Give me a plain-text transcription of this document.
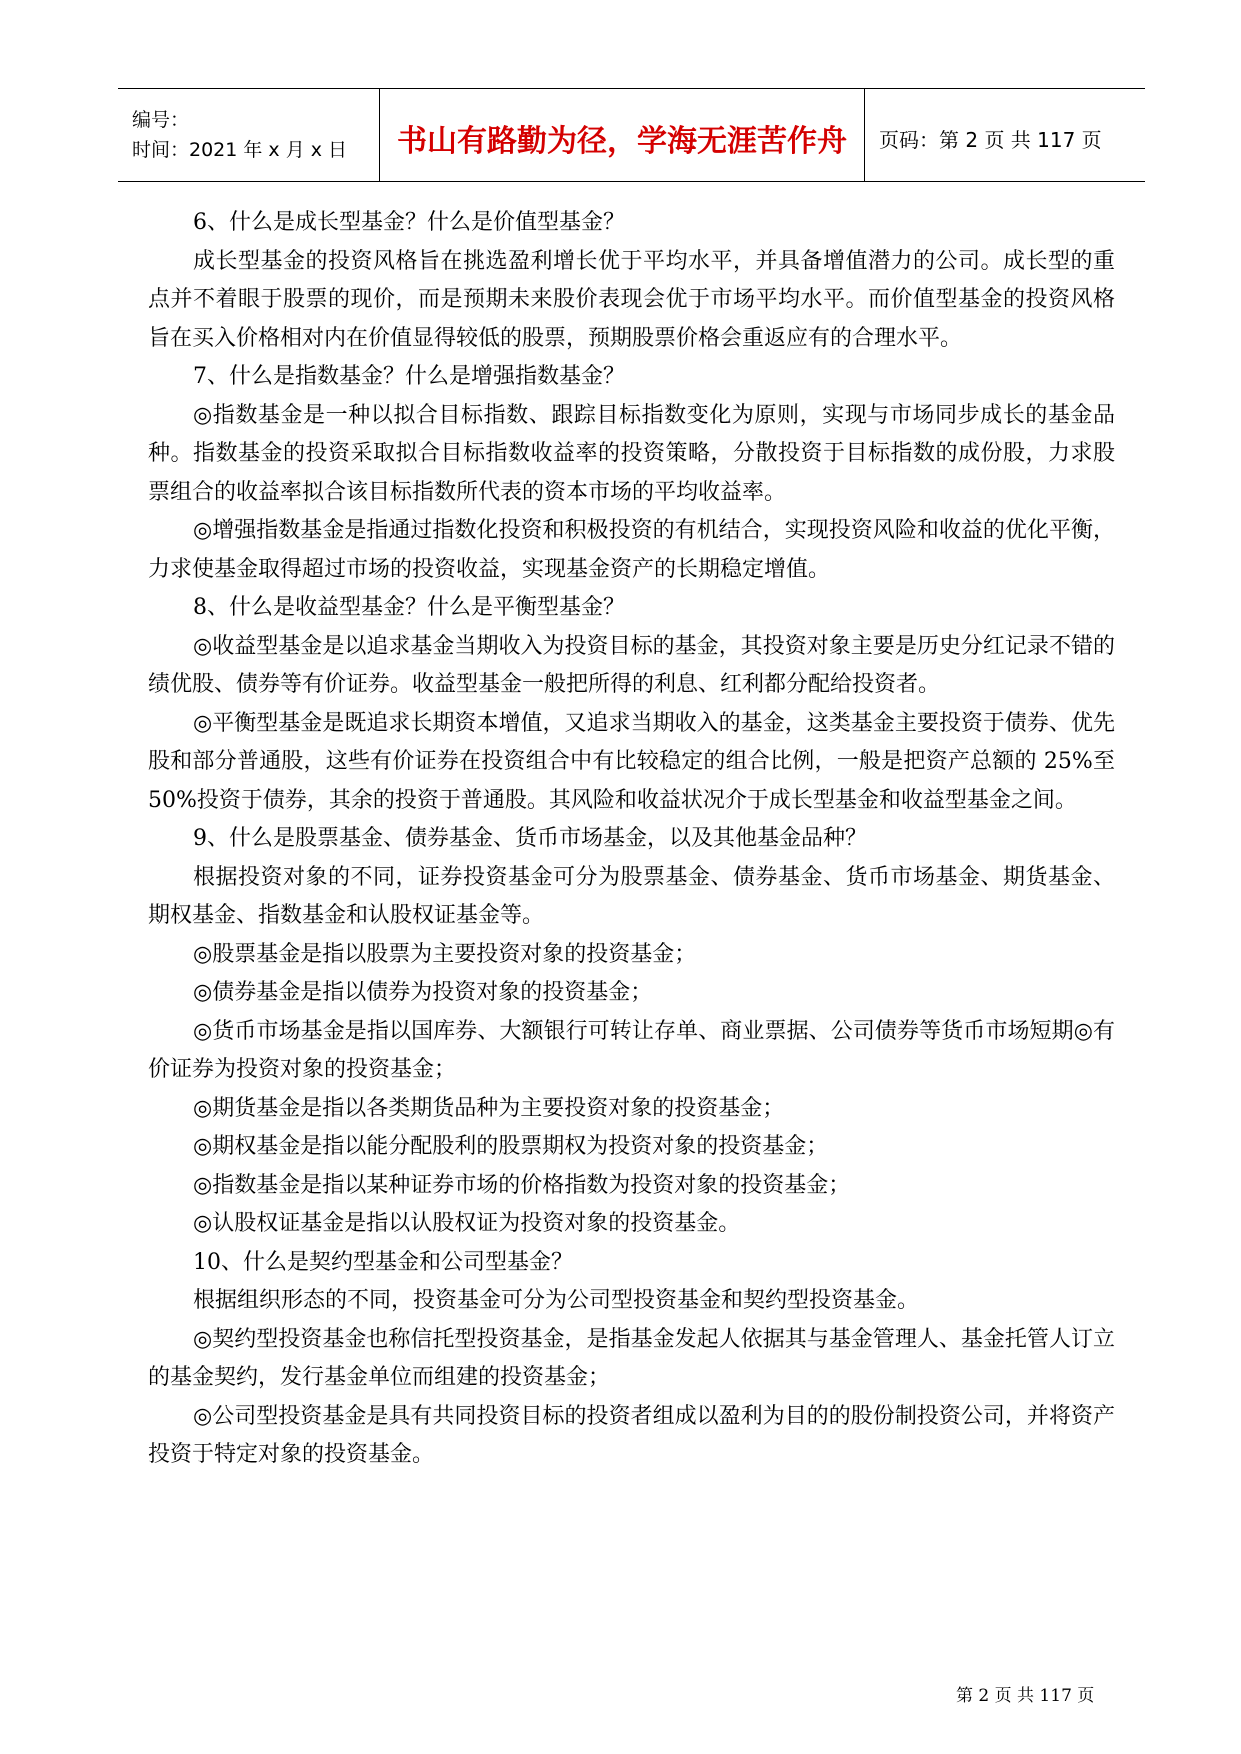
编号：
时间：2021 年 x 月 x 日	书山有路勤为径，学海无涯苦作舟 页码：第 2 页 共 117 页

6、什么是成长型基金？什么是价值型基金？

成长型基金的投资风格旨在挑选盈利增长优于平均水平，并具备增值潜力的公司。成长型的重点并不着眼于股票的现价，而是预期未来股价表现会优于市场平均水平。而价值型基金的投资风格旨在买入价格相对内在价值显得较低的股票，预期股票价格会重返应有的合理水平。

7、什么是指数基金？什么是增强指数基金？

◎指数基金是一种以拟合目标指数、跟踪目标指数变化为原则，实现与市场同步成长的基金品种。指数基金的投资采取拟合目标指数收益率的投资策略，分散投资于目标指数的成份股，力求股票组合的收益率拟合该目标指数所代表的资本市场的平均收益率。

◎增强指数基金是指通过指数化投资和积极投资的有机结合，实现投资风险和收益的优化平衡，力求使基金取得超过市场的投资收益，实现基金资产的长期稳定增值。

8、什么是收益型基金？什么是平衡型基金？

◎收益型基金是以追求基金当期收入为投资目标的基金，其投资对象主要是历史分红记录不错的绩优股、债券等有价证券。收益型基金一般把所得的利息、红利都分配给投资者。

◎平衡型基金是既追求长期资本增值，又追求当期收入的基金，这类基金主要投资于债券、优先股和部分普通股，这些有价证券在投资组合中有比较稳定的组合比例，一般是把资产总额的 25%至 50%投资于债券，其余的投资于普通股。其风险和收益状况介于成长型基金和收益型基金之间。

9、什么是股票基金、债券基金、货币市场基金，以及其他基金品种？

根据投资对象的不同，证券投资基金可分为股票基金、债券基金、货币市场基金、期货基金、期权基金、指数基金和认股权证基金等。

◎股票基金是指以股票为主要投资对象的投资基金；

◎债券基金是指以债券为投资对象的投资基金；

◎货币市场基金是指以国库券、大额银行可转让存单、商业票据、公司债券等货币市场短期◎有价证券为投资对象的投资基金；

◎期货基金是指以各类期货品种为主要投资对象的投资基金；

◎期权基金是指以能分配股利的股票期权为投资对象的投资基金；

◎指数基金是指以某种证券市场的价格指数为投资对象的投资基金；

◎认股权证基金是指以认股权证为投资对象的投资基金。

10、什么是契约型基金和公司型基金？

根据组织形态的不同，投资基金可分为公司型投资基金和契约型投资基金。

◎契约型投资基金也称信托型投资基金，是指基金发起人依据其与基金管理人、基金托管人订立的基金契约，发行基金单位而组建的投资基金；

◎公司型投资基金是具有共同投资目标的投资者组成以盈利为目的的股份制投资公司，并将资产投资于特定对象的投资基金。

第 2 页 共 117 页
